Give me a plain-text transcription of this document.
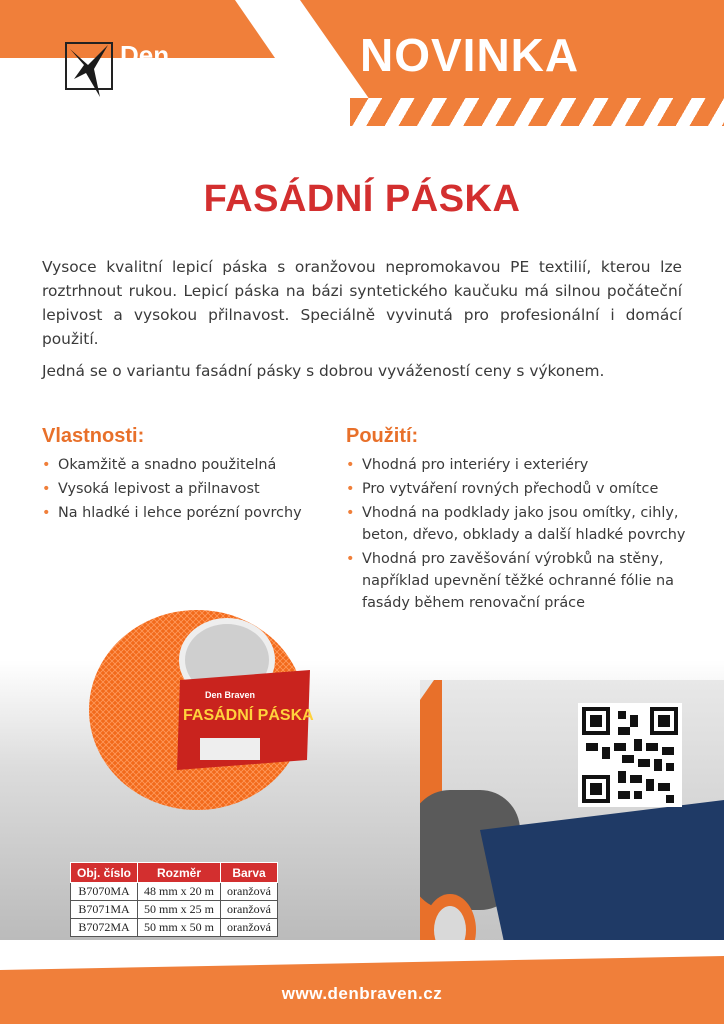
Den
Braven	NOVINKA
FASÁDNÍ PÁSKA

Vysoce kvalitní lepicí páska s oranžovou nepromokavou PE textilií, kterou lze roztrhnout rukou. Lepicí páska na bázi syntetického kaučuku má silnou počáteční lepivost a vysokou přilnavost. Speciálně vyvinutá pro profesionální i domácí použití.

Jedná se o variantu fasádní pásky s dobrou vyvážeností ceny s výkonem.

Vlastnosti:
• Okamžitě a snadno použitelná
• Vysoká lepivost a přilnavost
• Na hladké i lehce porézní povrchy
Použití:
• Vhodná pro interiéry i exteriéry
• Pro vytváření rovných přechodů v omítce
• Vhodná na podklady jako jsou omítky, cihly, beton, dřevo, obklady a další hladké povrchy
• Vhodná pro zavěšování výrobků na stěny, například upevnění těžké ochranné fólie na fasády během renovační práce
Den Braven
FASÁDNÍ PÁSKA
Obj. číslo	Rozměr	Barva
B7070MA	48 mm x 20 m	oranžová
B7071MA	50 mm x 25 m	oranžová
B7072MA	50 mm x 50 m	oranžová
www.denbraven.cz
